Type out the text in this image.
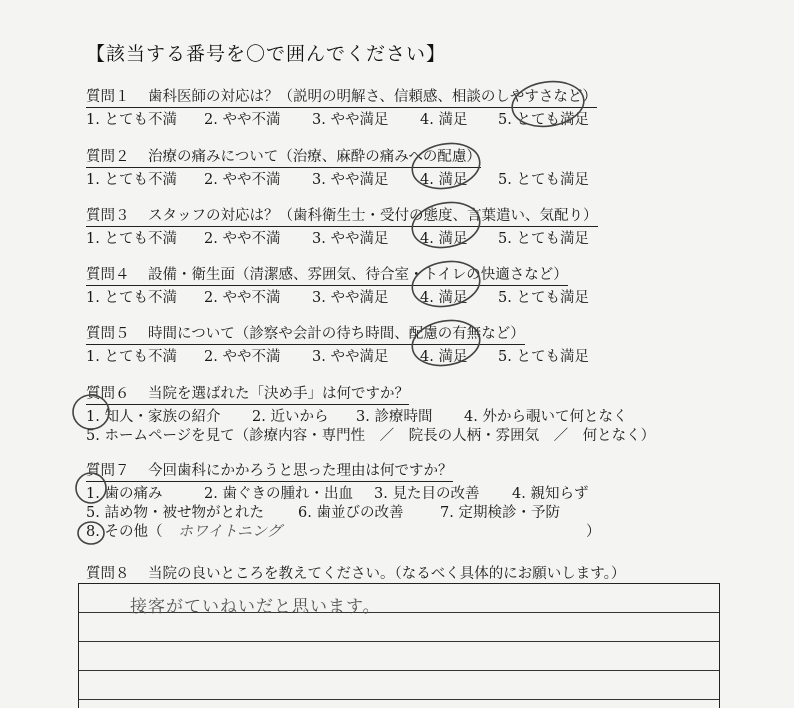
【該当する番号を〇で囲んでください】
質問１ 歯科医師の対応は？（説明の明解さ、信頼感、相談のしやすさなど）
1. とても不満 2. やや不満 3. やや満足 4. 満足 5. とても満足
質問２ 治療の痛みについて（治療、麻酔の痛みへの配慮）
1. とても不満 2. やや不満 3. やや満足 4. 満足 5. とても満足
質問３ スタッフの対応は？（歯科衛生士・受付の態度、言葉遣い、気配り）
1. とても不満 2. やや不満 3. やや満足 4. 満足 5. とても満足
質問４ 設備・衛生面（清潔感、雰囲気、待合室・トイレの快適さなど）
1. とても不満 2. やや不満 3. やや満足 4. 満足 5. とても満足
質問５ 時間について（診察や会計の待ち時間、配慮の有無など）
1. とても不満 2. やや不満 3. やや満足 4. 満足 5. とても満足
質問６ 当院を選ばれた「決め手」は何ですか？
1. 知人・家族の紹介 2. 近いから 3. 診療時間 4. 外から覗いて何となく
5. ホームページを見て（診療内容・専門性　／　院長の人柄・雰囲気　／　何となく）
質問７ 今回歯科にかかろうと思った理由は何ですか？
1. 歯の痛み	2. 歯ぐきの腫れ・出血 3. 見た目の改善 4. 親知らず
5. 詰め物・被せ物がとれた 6. 歯並びの改善	7. 定期検診・予防
8. その他（ ホワイトニング	）
質問８ 当院の良いところを教えてください。（なるべく具体的にお願いします。）
接客がていねいだと思います。
